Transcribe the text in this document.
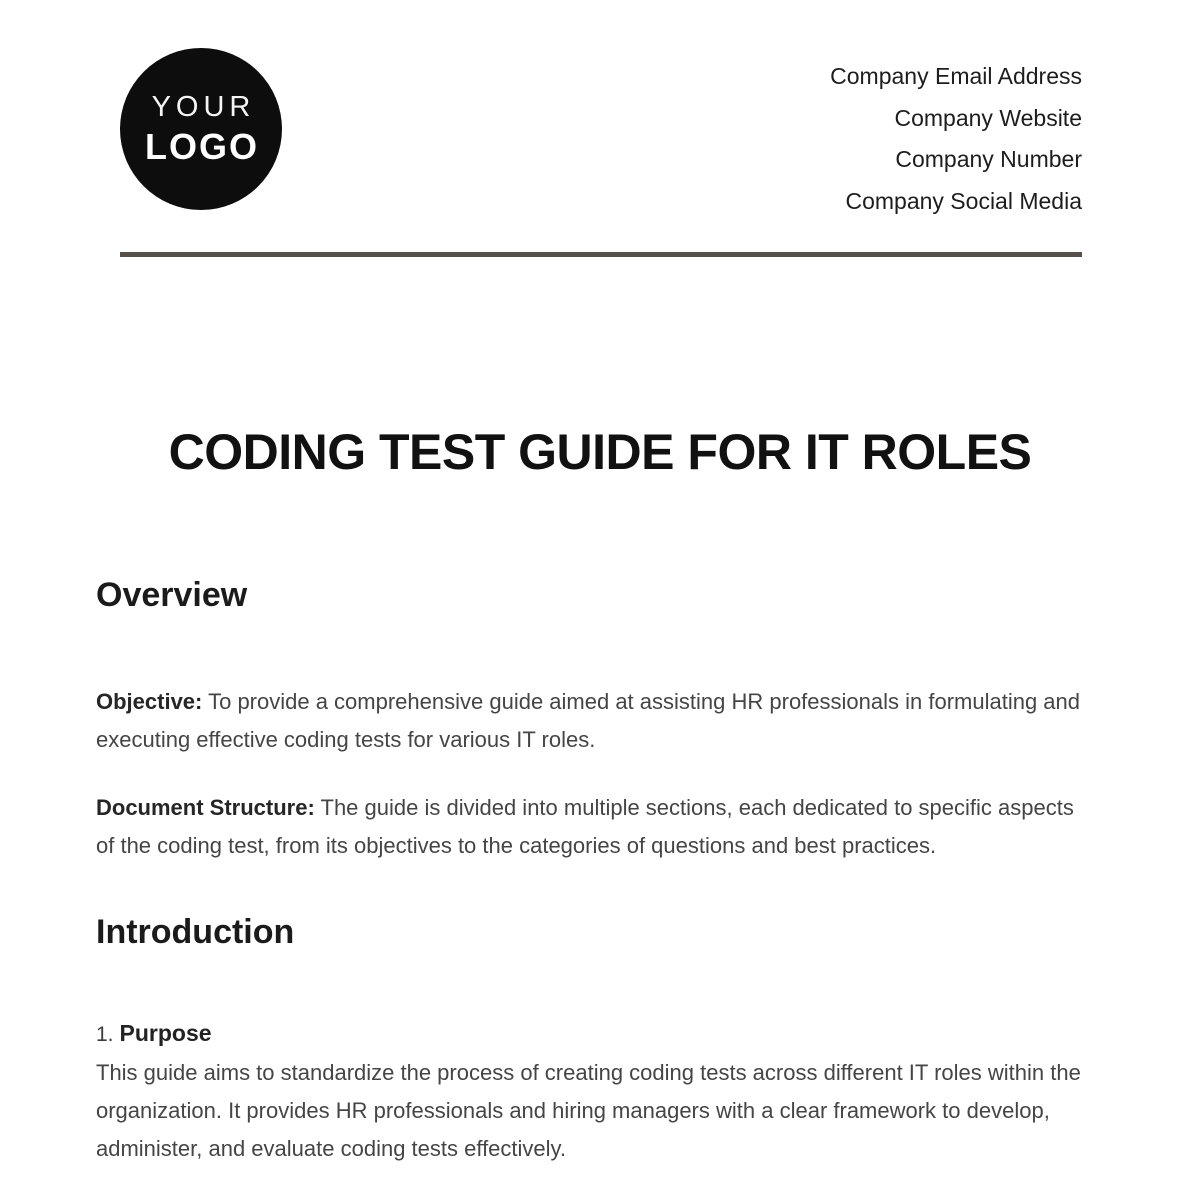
YOUR
LOGO
Company Email Address
Company Website
Company Number
Company Social Media
CODING TEST GUIDE FOR IT ROLES
Overview

Objective: To provide a comprehensive guide aimed at assisting HR professionals in formulating and executing effective coding tests for various IT roles.

Document Structure: The guide is divided into multiple sections, each dedicated to specific aspects of the coding test, from its objectives to the categories of questions and best practices.

Introduction
1. Purpose

This guide aims to standardize the process of creating coding tests across different IT roles within the organization. It provides HR professionals and hiring managers with a clear framework to develop, administer, and evaluate coding tests effectively.
